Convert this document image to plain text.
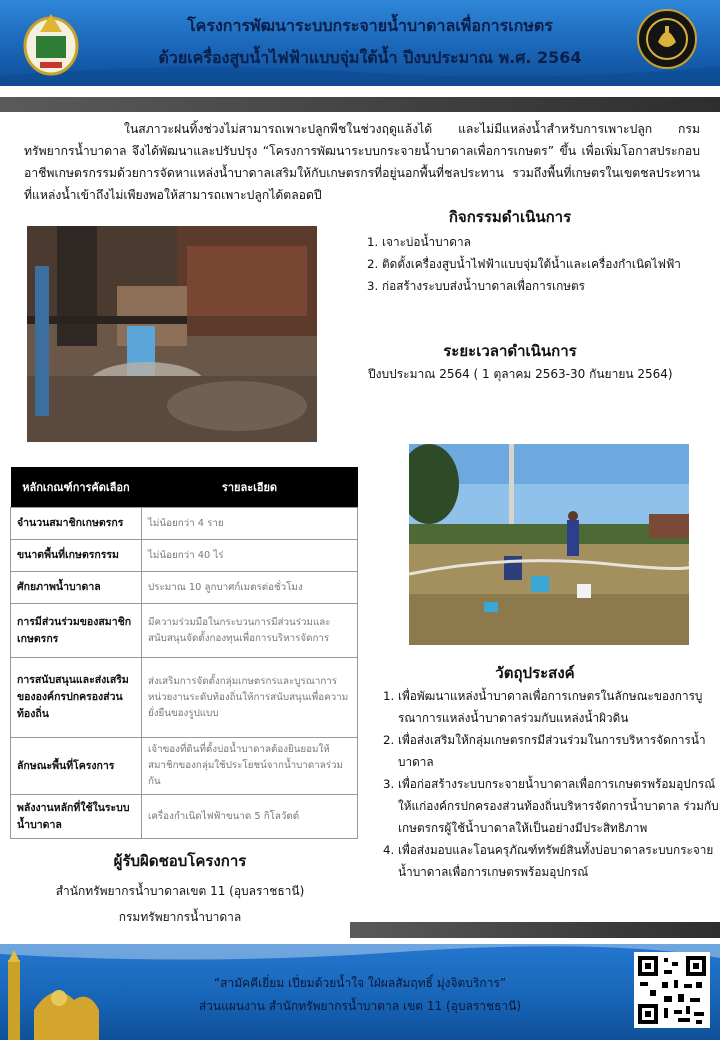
โครงการพัฒนาระบบกระจายน้ำบาดาลเพื่อการเกษตร
ด้วยเครื่องสูบน้ำไฟฟ้าแบบจุ่มใต้น้ำ ปีงบประมาณ พ.ศ. 2564

ในสภาวะฝนทิ้งช่วงไม่สามารถเพาะปลูกพืชในช่วงฤดูแล้งได้ และไม่มีแหล่งน้ำสำหรับการเพาะปลูก กรมทรัพยากรน้ำบาดาล จึงได้พัฒนาและปรับปรุง “โครงการพัฒนาระบบกระจายน้ำบาดาลเพื่อการเกษตร” ขึ้น เพื่อเพิ่มโอกาสประกอบอาชีพเกษตรกรรมด้วยการจัดหาแหล่งน้ำบาดาลเสริมให้กับเกษตรกรที่อยู่นอกพื้นที่ชลประทาน รวมถึงพื้นที่เกษตรในเขตชลประทานที่แหล่งน้ำเข้าถึงไม่เพียงพอให้สามารถเพาะปลูกได้ตลอดปี

กิจกรรมดำเนินการ
1. เจาะบ่อน้ำบาดาล
2. ติดตั้งเครื่องสูบน้ำไฟฟ้าแบบจุ่มใต้น้ำและเครื่องกำเนิดไฟฟ้า
3. ก่อสร้างระบบส่งน้ำบาดาลเพื่อการเกษตร
ระยะเวลาดำเนินการ
ปีงบประมาณ 2564 ( 1 ตุลาคม 2563-30 กันยายน 2564)
หลักเกณฑ์การคัดเลือก	รายละเอียด
จำนวนสมาชิกเกษตรกร	ไม่น้อยกว่า 4 ราย
ขนาดพื้นที่เกษตรกรรม	ไม่น้อยกว่า 40 ไร่
ศักยภาพน้ำบาดาล	ประมาณ 10 ลูกบาศก์เมตรต่อชั่วโมง
การมีส่วนร่วมของสมาชิกเกษตรกร	มีความร่วมมือในกระบวนการมีส่วนร่วมและสนับสนุนจัดตั้งกองทุนเพื่อการบริหารจัดการ
การสนับสนุนและส่งเสริมขององค์กรปกครองส่วนท้องถิ่น	ส่งเสริมการจัดตั้งกลุ่มเกษตรกรและบูรณาการหน่วยงานระดับท้องถิ่นให้การสนับสนุนเพื่อความยั่งยืนของรูปแบบ
ลักษณะพื้นที่โครงการ	เจ้าของที่ดินที่ตั้งบ่อน้ำบาดาลต้องยินยอมให้สมาชิกของกลุ่มใช้ประโยชน์จากน้ำบาดาลร่วมกัน
พลังงานหลักที่ใช้ในระบบน้ำบาดาล	เครื่องกำเนิดไฟฟ้าขนาด 5 กิโลวัตต์
วัตถุประสงค์
1. เพื่อพัฒนาแหล่งน้ำบาดาลเพื่อการเกษตรในลักษณะของการบูรณาการแหล่งน้ำบาดาลร่วมกับแหล่งน้ำผิวดิน
2. เพื่อส่งเสริมให้กลุ่มเกษตรกรมีส่วนร่วมในการบริหารจัดการน้ำบาดาล
3. เพื่อก่อสร้างระบบกระจายน้ำบาดาลเพื่อการเกษตรพร้อมอุปกรณ์ให้แก่องค์กรปกครองส่วนท้องถิ่นบริหารจัดการน้ำบาดาล ร่วมกับเกษตรกรผู้ใช้น้ำบาดาลให้เป็นอย่างมีประสิทธิภาพ
4. เพื่อส่งมอบและโอนครุภัณฑ์ทรัพย์สินทั้งบ่อบาดาลระบบกระจายน้ำบาดาลเพื่อการเกษตรพร้อมอุปกรณ์
ผู้รับผิดชอบโครงการ
สำนักทรัพยากรน้ำบาดาลเขต 11 (อุบลราชธานี)
กรมทรัพยากรน้ำบาดาล
“สามัคคีเยี่ยม เปี่ยมด้วยน้ำใจ ใฝ่ผลสัมฤทธิ์ มุ่งจิตบริการ”
ส่วนแผนงาน สำนักทรัพยากรน้ำบาดาล เขต 11 (อุบลราชธานี)
